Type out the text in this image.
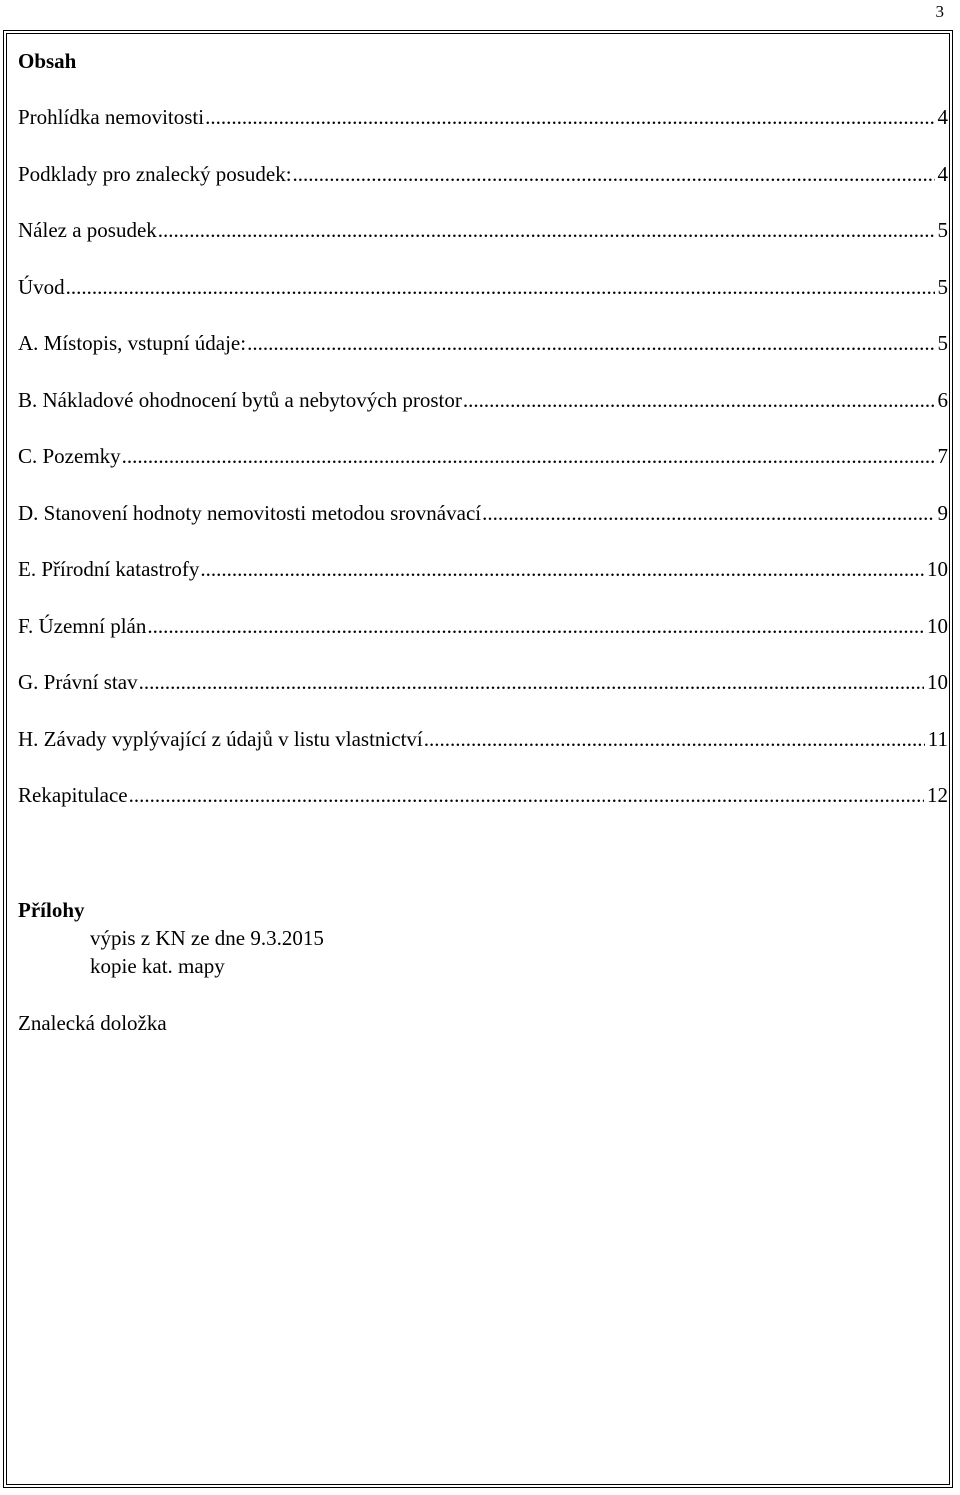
3
Obsah
Prohlídka nemovitosti .....	4
Podklady pro znalecký posudek: .....	4
Nález a posudek .....	5
Úvod .....	5
A. Místopis, vstupní údaje: .....	5
B. Nákladové ohodnocení bytů a nebytových prostor .....	6
C. Pozemky .....	7
D. Stanovení hodnoty nemovitosti metodou srovnávací .....	9
E. Přírodní katastrofy .....	10
F. Územní plán .....	10
G. Právní stav .....	10
H. Závady vyplývající z údajů v listu vlastnictví .....	11
Rekapitulace .....	12
Přílohy
výpis z KN ze dne 9.3.2015
kopie kat. mapy
Znalecká doložka
